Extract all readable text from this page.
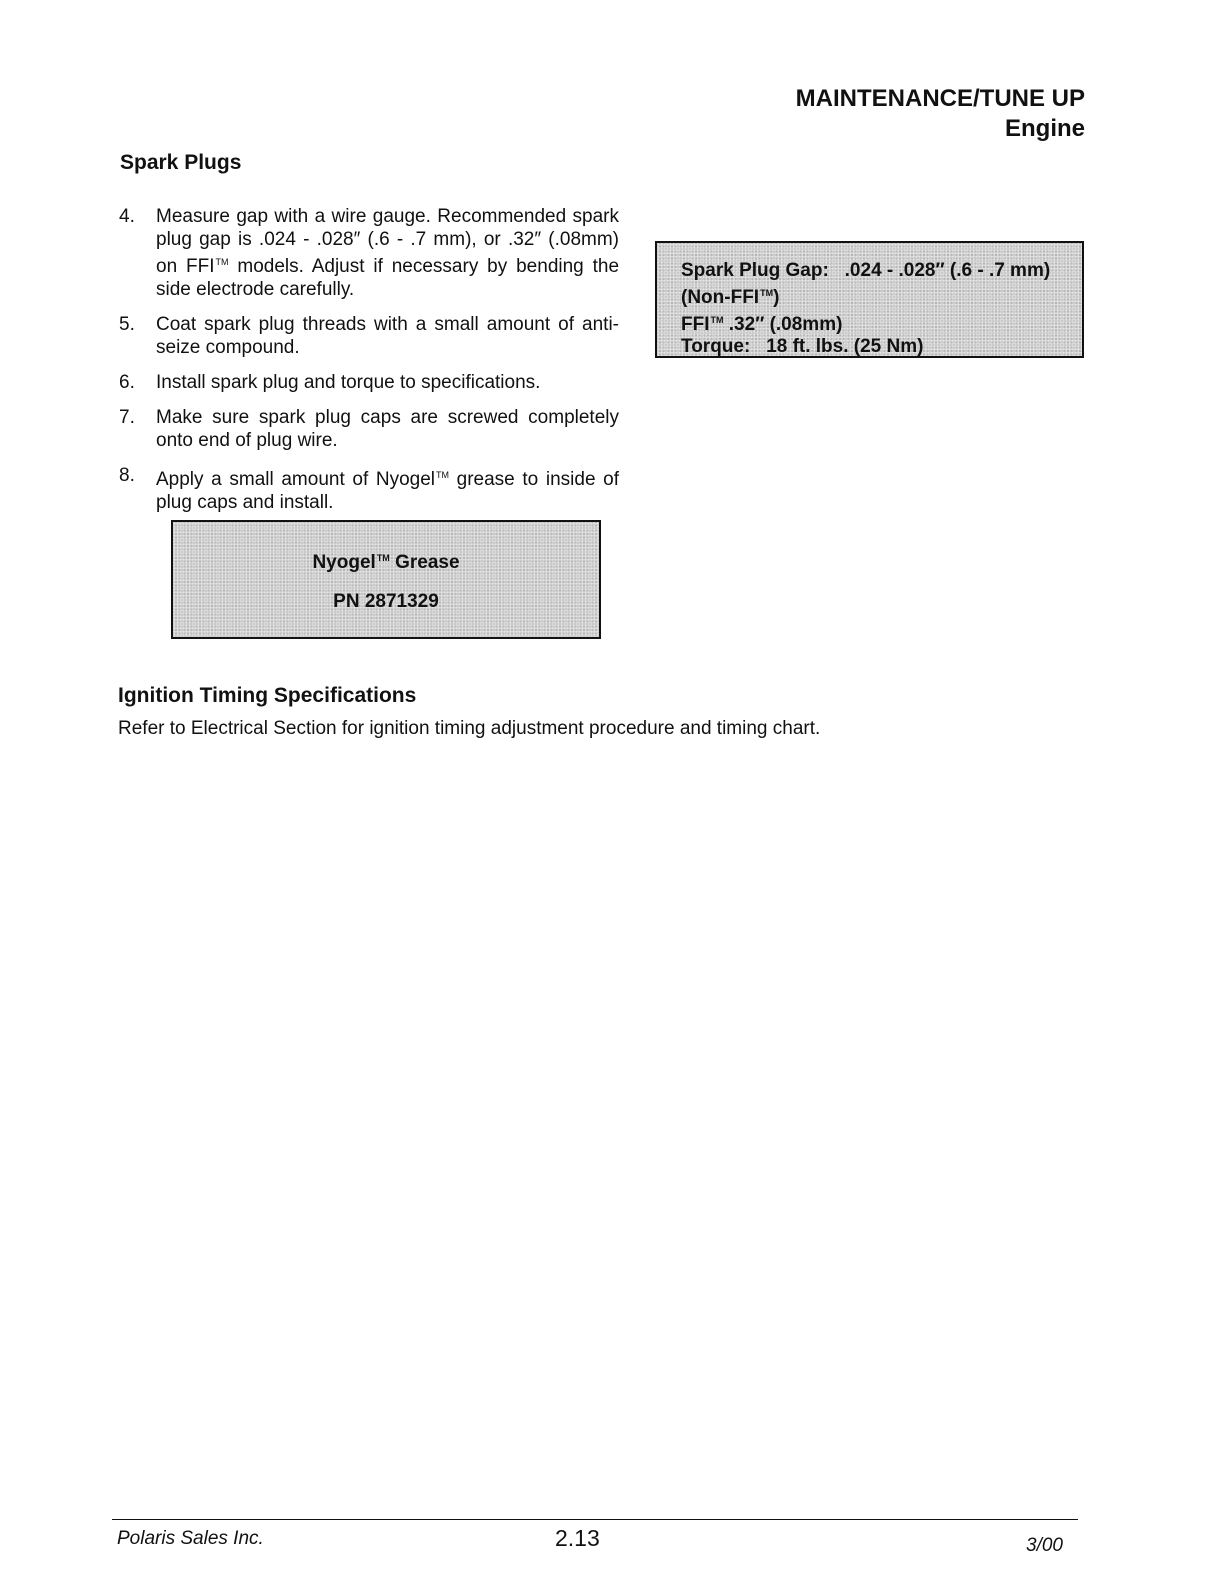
MAINTENANCE/TUNE UP
Engine
Spark Plugs
4. Measure gap with a wire gauge. Recommended spark plug gap is .024 - .028″ (.6 - .7 mm), or .32″ (.08mm) on FFI™ models. Adjust if necessary by bending the side electrode carefully.
5. Coat spark plug threads with a small amount of anti-seize compound.
6. Install spark plug and torque to specifications.
7. Make sure spark plug caps are screwed completely onto end of plug wire.
8. Apply a small amount of Nyogel™ grease to inside of plug caps and install.
Spark Plug Gap: .024 - .028″ (.6 - .7 mm)
(Non-FFI™)
FFI™ .32″ (.08mm)
Torque: 18 ft. lbs. (25 Nm)
Nyogel™ Grease
PN 2871329
Ignition Timing Specifications
Refer to Electrical Section for ignition timing adjustment procedure and timing chart.
Polaris Sales Inc.	2.13	3/00
